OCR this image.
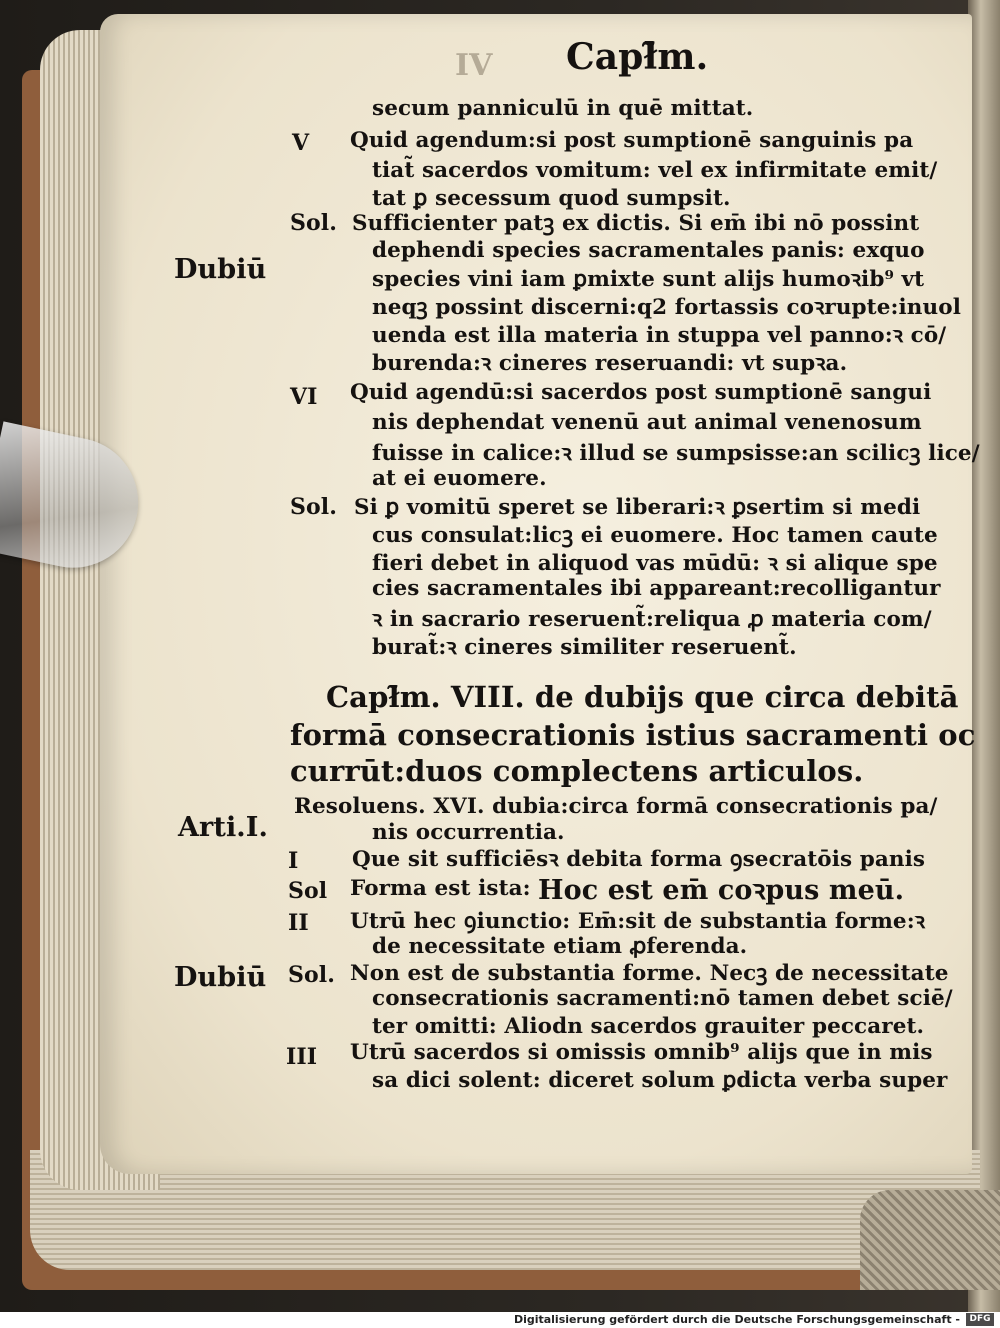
IV Capł̃m.
secum panniculū in quē mittat.
V Quid agendum:si post sumptionē sanguinis pa
tiat̃ sacerdos vomitum: vel ex infirmitate emit/
tat ꝑ secessum quod sumpsit.
Sol. Sufficienter patꝫ ex dictis. Si em̄ ibi nō possint
dephendi species sacramentales panis: exquo
Dubiū	species vini iam ꝑmixte sunt alijs humoꝛib⁹ vt
neqꝫ possint discerni:q2 fortassis coꝛrupte:inuol
uenda est illa materia in stuppa vel panno:ꝛ cō/
burenda:ꝛ cineres reseruandi: vt supꝛa.
VI Quid agendū:si sacerdos post sumptionē sangui
nis dephendat venenū aut animal venenosum
fuisse in calice:ꝛ illud se sumpsisse:an scilicꝫ lice/
at ei euomere.
Sol. Si ꝑ vomitū speret se liberari:ꝛ ꝑsertim si medi
cus consulat:licꝫ ei euomere. Hoc tamen caute
fieri debet in aliquod vas mūdū: ꝛ si alique spe
cies sacramentales ibi appareant:recolligantur
ꝛ in sacrario reseruent̃:reliqua ꝓ materia com/
burat̃:ꝛ cineres similiter reseruent̃.
Capł̃m. VIII. de dubijs que circa debitā
formā consecrationis istius sacramenti oc
currūt:duos complectens articulos.
Resoluens. XVI. dubia:circa formā consecrationis pa/
Arti.I.	nis occurrentia.
I Que sit sufficiēsꝛ debita forma ꝯsecratōis panis
Sol Forma est ista: Hoc est em̄ coꝛpus meū.
II Utrū hec ꝯiunctio: Em̄:sit de substantia forme:ꝛ
de necessitate etiam ꝓferenda.
Dubiū Sol. Non est de substantia forme. Necꝫ de necessitate
consecrationis sacramenti:nō tamen debet sciē/
ter omitti: Aliodn sacerdos grauiter peccaret.
III Utrū sacerdos si omissis omnib⁹ alijs que in mis
sa dici solent: diceret solum ꝑdicta verba super
Digitalisierung gefördert durch die Deutsche Forschungsgemeinschaft -	DFG
